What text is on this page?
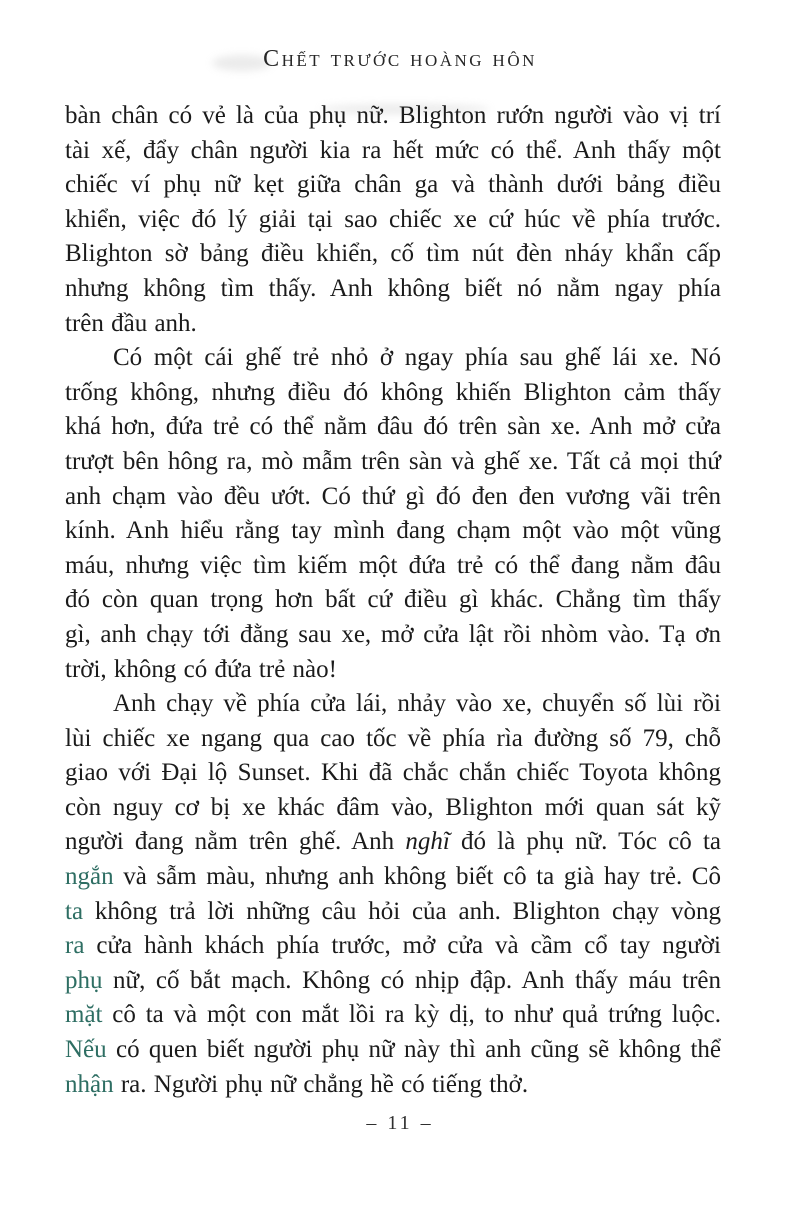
Chết trước hoàng hôn
bàn chân có vẻ là của phụ nữ. Blighton rướn người vào vị trí
tài xế, đẩy chân người kia ra hết mức có thể. Anh thấy một
chiếc ví phụ nữ kẹt giữa chân ga và thành dưới bảng điều
khiển, việc đó lý giải tại sao chiếc xe cứ húc về phía trước.
Blighton sờ bảng điều khiển, cố tìm nút đèn nháy khẩn cấp
nhưng không tìm thấy. Anh không biết nó nằm ngay phía
trên đầu anh.
Có một cái ghế trẻ nhỏ ở ngay phía sau ghế lái xe. Nó
trống không, nhưng điều đó không khiến Blighton cảm thấy
khá hơn, đứa trẻ có thể nằm đâu đó trên sàn xe. Anh mở cửa
trượt bên hông ra, mò mẫm trên sàn và ghế xe. Tất cả mọi thứ
anh chạm vào đều ướt. Có thứ gì đó đen đen vương vãi trên
kính. Anh hiểu rằng tay mình đang chạm một vào một vũng
máu, nhưng việc tìm kiếm một đứa trẻ có thể đang nằm đâu
đó còn quan trọng hơn bất cứ điều gì khác. Chẳng tìm thấy
gì, anh chạy tới đằng sau xe, mở cửa lật rồi nhòm vào. Tạ ơn
trời, không có đứa trẻ nào!
Anh chạy về phía cửa lái, nhảy vào xe, chuyển số lùi rồi
lùi chiếc xe ngang qua cao tốc về phía rìa đường số 79, chỗ
giao với Đại lộ Sunset. Khi đã chắc chắn chiếc Toyota không
còn nguy cơ bị xe khác đâm vào, Blighton mới quan sát kỹ
người đang nằm trên ghế. Anh nghĩ đó là phụ nữ. Tóc cô ta
ngắn và sẫm màu, nhưng anh không biết cô ta già hay trẻ. Cô
ta không trả lời những câu hỏi của anh. Blighton chạy vòng
ra cửa hành khách phía trước, mở cửa và cầm cổ tay người
phụ nữ, cố bắt mạch. Không có nhịp đập. Anh thấy máu trên
mặt cô ta và một con mắt lồi ra kỳ dị, to như quả trứng luộc.
Nếu có quen biết người phụ nữ này thì anh cũng sẽ không thể
nhận ra. Người phụ nữ chẳng hề có tiếng thở.
– 11 –
